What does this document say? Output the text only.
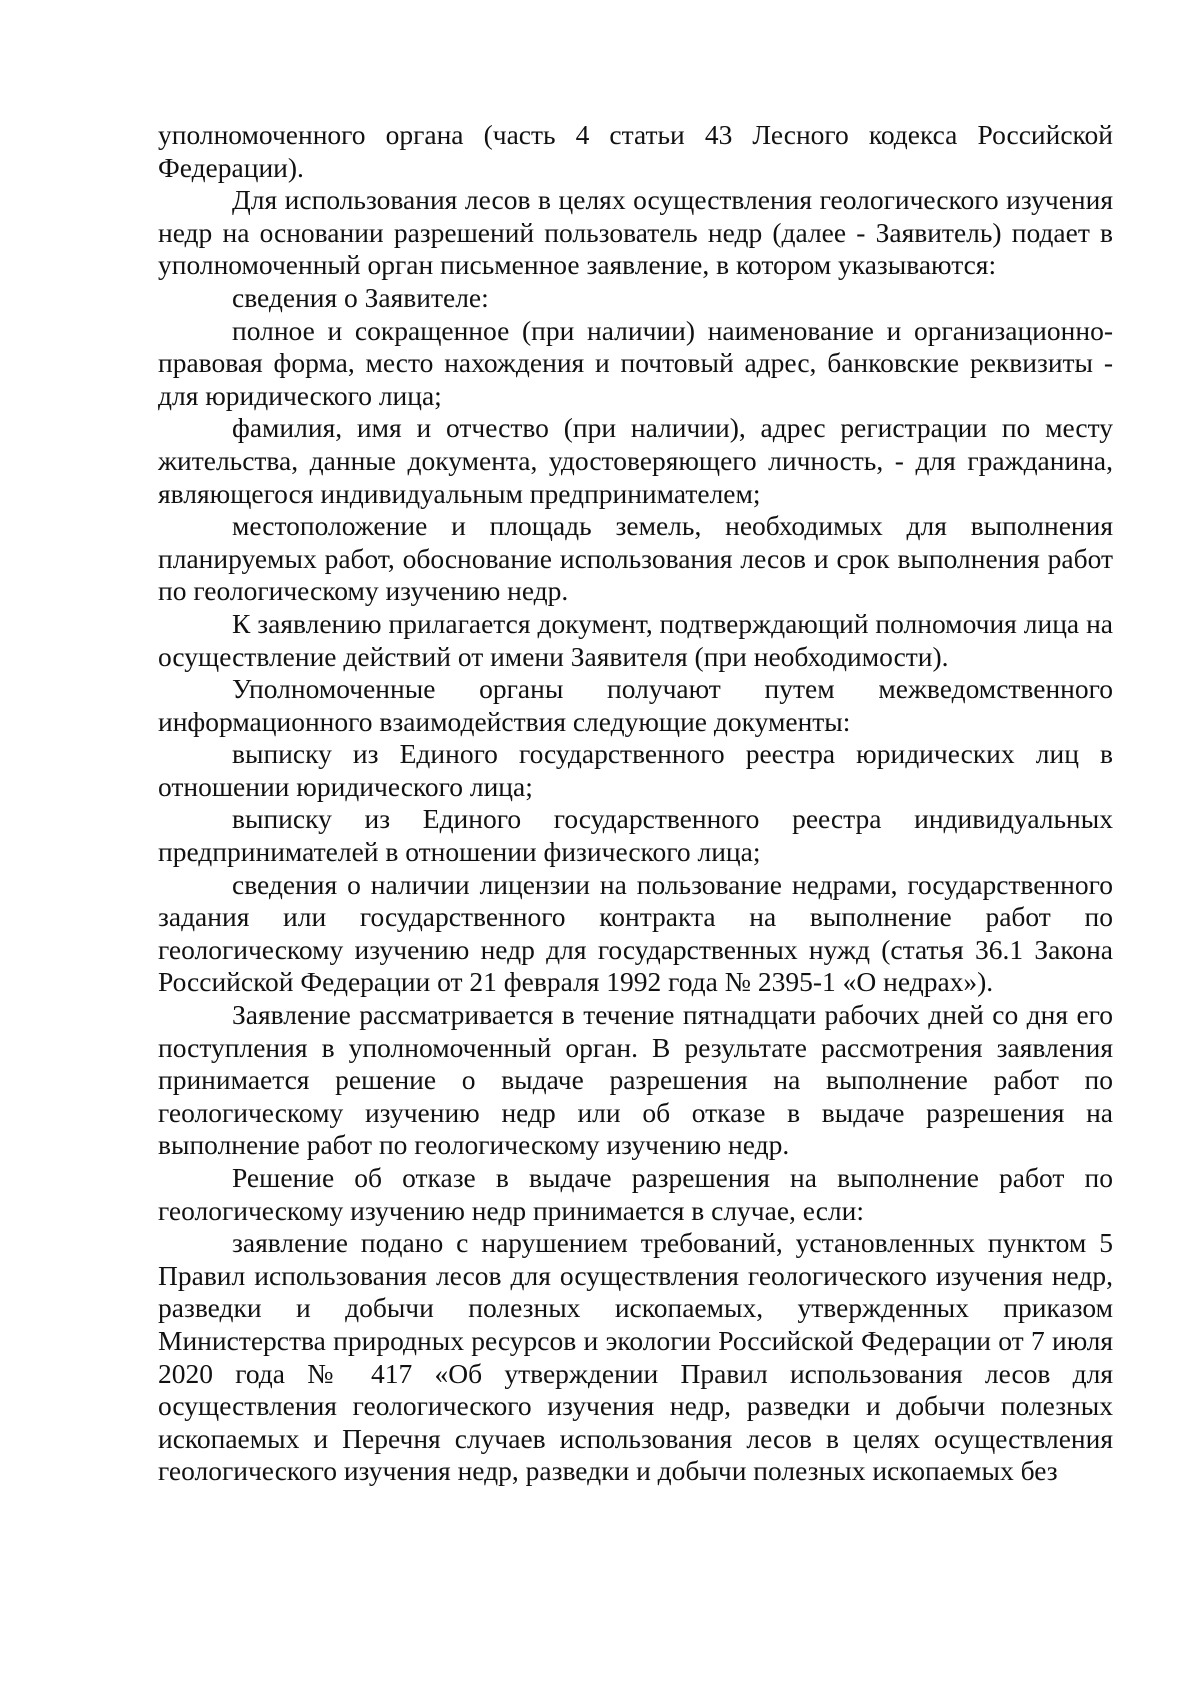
уполномоченного органа (часть 4 статьи 43 Лесного кодекса Российской Федерации).

Для использования лесов в целях осуществления геологического изучения недр на основании разрешений пользователь недр (далее - Заявитель) подает в уполномоченный орган письменное заявление, в котором указываются:

сведения о Заявителе:

полное и сокращенное (при наличии) наименование и организационно-правовая форма, место нахождения и почтовый адрес, банковские реквизиты - для юридического лица;

фамилия, имя и отчество (при наличии), адрес регистрации по месту жительства, данные документа, удостоверяющего личность, - для гражданина, являющегося индивидуальным предпринимателем;

местоположение и площадь земель, необходимых для выполнения планируемых работ, обоснование использования лесов и срок выполнения работ по геологическому изучению недр.

К заявлению прилагается документ, подтверждающий полномочия лица на осуществление действий от имени Заявителя (при необходимости).

Уполномоченные органы получают путем межведомственного информационного взаимодействия следующие документы:

выписку из Единого государственного реестра юридических лиц в отношении юридического лица;

выписку из Единого государственного реестра индивидуальных предпринимателей в отношении физического лица;

сведения о наличии лицензии на пользование недрами, государственного задания или государственного контракта на выполнение работ по геологическому изучению недр для государственных нужд (статья 36.1 Закона Российской Федерации от 21 февраля 1992 года № 2395-1 «О недрах»).

Заявление рассматривается в течение пятнадцати рабочих дней со дня его поступления в уполномоченный орган. В результате рассмотрения заявления принимается решение о выдаче разрешения на выполнение работ по геологическому изучению недр или об отказе в выдаче разрешения на выполнение работ по геологическому изучению недр.

Решение об отказе в выдаче разрешения на выполнение работ по геологическому изучению недр принимается в случае, если:

заявление подано с нарушением требований, установленных пунктом 5 Правил использования лесов для осуществления геологического изучения недр, разведки и добычи полезных ископаемых, утвержденных приказом Министерства природных ресурсов и экологии Российской Федерации от 7 июля 2020 года № 417 «Об утверждении Правил использования лесов для осуществления геологического изучения недр, разведки и добычи полезных ископаемых и Перечня случаев использования лесов в целях осуществления геологического изучения недр, разведки и добычи полезных ископаемых без
